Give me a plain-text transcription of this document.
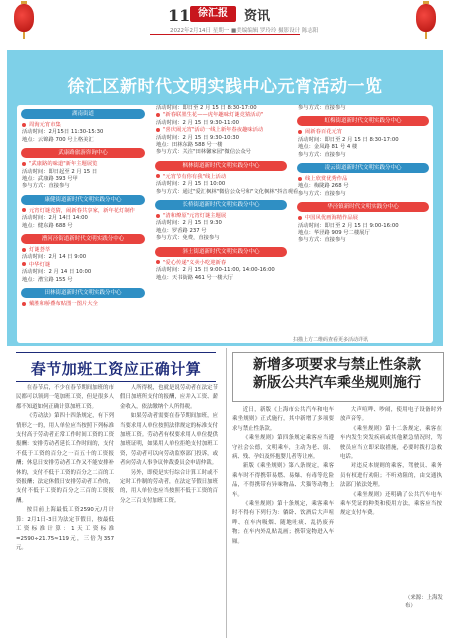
11 徐汇报	资讯
2022年2月14日 星期一 ■美编编辑 罗玲玲 摄影设计 陈志阳
徐汇区新时代文明实践中心元宵活动一览
湖南街道
周洵元宵市集
活动时间：2月15日 11:30-15:30
地点：云锦路 700 号上格美汇
武康路旅游咨询中心
"武康路的味道"新年主题展览
活动时间：即日起至 2 月 15 日
地点：武康路 393 号甲
参与方式：直接参与
康健街道新时代文明实践分中心
元宵灯谜竞猜，闹新春共享家，新年花灯制作
活动时间：2月 14日 14:00
地点：健东路 688 号
漕河泾街道新时代文明实践分中心
灯谜荟萃
活动时间：2月 14 日 9:00
中华灯谜
活动时间：2 月 14 日 10:00
地点：漕宝路 155 号
田林街道新时代文明实践分中心
戴胜和桥叠布贴图一图片大全
活动时间：即日至 2 月 15 日 8:30-17:00
"新春联墨生花——虎年趣味灯谜竞猜活动"
活动时间：2 月 15 日 9:30-11:00
"喜庆闹元宵"活动一线上新年春夜趣味活动
活动时间：2 月 15 日 9:30-10:30
地点：田林东路 588 号一楼
参与方式：关注"田林馨家园"微信公众号
枫林街道新时代文明实践分中心
"元宵节有你有我"线上活动
活动时间：2 月 15 日 10:00
参与方式：通过"爱汇枫林"微信公众号和"文化枫林"抖音观看
长桥街道新时代文明实践分中心
"清和燎原"元宵灯谜主题展
活动时间：2 月 15 日 9:30
地点：罗香路 237 号
参与方式：免费，直接参与
斜土街道新时代文明实践分中心
"爱心传递"义卖小吃迎新春
活动时间：2 月 15 日 9:00-11:00, 14:00-16:00
地点：天书街路 461 号一楼大厅
参与方式：直接参与
虹梅街道新时代文明实践分中心
闹新春百花元宵
活动时间：即日至 2 月 15 日 8:30-17:00
地点：金凤路 81 号 4 楼
参与方式：直接参与
凌云街道新时代文明实践分中心
线上欣赏优秀作品
地点：梅陇路 268 号
参与方式：直接参与
华泾镇新时代文明实践分中心
中国风优画海精作品展
活动时间：即日至 2 月 15 日 9:00-16:00
地点：华泾路 909 号二楼展厅
参与方式：直接参与
扫描上方二维码查看更多活动详讯
春节加班工资应正确计算
在春节后，不少在春节期间加班的市民都可以领到一笔加班工资，但是很多人都不知道如何正确计算加班工资。
《劳动法》第四十四条规定，有下列情形之一的，用人单位应当按照下列标准支付高于劳动者正常工作时间工资的工资报酬：安排劳动者延长工作时间的，支付不低于工资的百分之一百五十的工资报酬；休息日安排劳动者工作又不能安排补休的，支付不低于工资的百分之二百的工资报酬；法定休假日安排劳动者工作的，支付不低于工资的百分之三百的工资报酬。
按目前上海最低工资2590元/月计算：2月1日-3日为法定节假日，按最低工资标准计算：1天工资标准=2590÷21.75≈119元，三倍为357元。
人所得税，也就是说劳动者在法定节假日加班所支付的报酬，应并入工资、薪金收入，依法缴纳个人所得税。
如果劳动者需要在春节期间加班，应当要求用人单位按照法律规定的标准支付加班工资。劳动者有权要求用人单位提供加班证明，如果用人单位拒绝支付加班工资，劳动者可以向劳动监察部门投诉，或者向劳动人事争议仲裁委员会申请仲裁。
另外，即使是实行综合计算工时或不定时工作制的劳动者，在法定节假日加班的，用人单位也应当按照不低于工资的百分之三百支付加班工资。
新增多项要求与禁止性条款
新版公共汽车乘坐规则施行
近日，新版《上海市公共汽车和电车乘坐规则》正式施行，其中新增了多项要求与禁止性条款。
《乘坐规则》第四条规定乘客应当遵守社会公德，文明乘车，主动为老、弱、病、残、孕妇及怀抱婴儿者等让座。
新版《乘坐规则》第八条规定，乘客乘车时不得携带易燃、易爆、有毒等危险品，不得携带有异味物品、犬猫等动物上车。
《乘坐规则》第十条规定，乘客乘车时不得有下列行为：躺卧、饮酒后大声喧哗、在车内吸烟、随地吐痰、乱扔废弃物；在车内外乱贴乱画；携带宠物进入车厢。
大声喧哗、吵闹，使用电子设备时外放声音等。
《乘坐规则》第十二条规定，乘客在车内发生突发疾病或其他紧急情况时，驾驶员应当立即采取措施，必要时拨打急救电话。
对违反本规则的乘客，驾驶员、乘务员有权进行劝阻；不听劝阻的，由交通执法部门依法处理。
《乘坐规则》还明确了公共汽车电车乘车凭证的种类和使用方法，乘客应当按规定支付车费。
（来源：上海发布）
